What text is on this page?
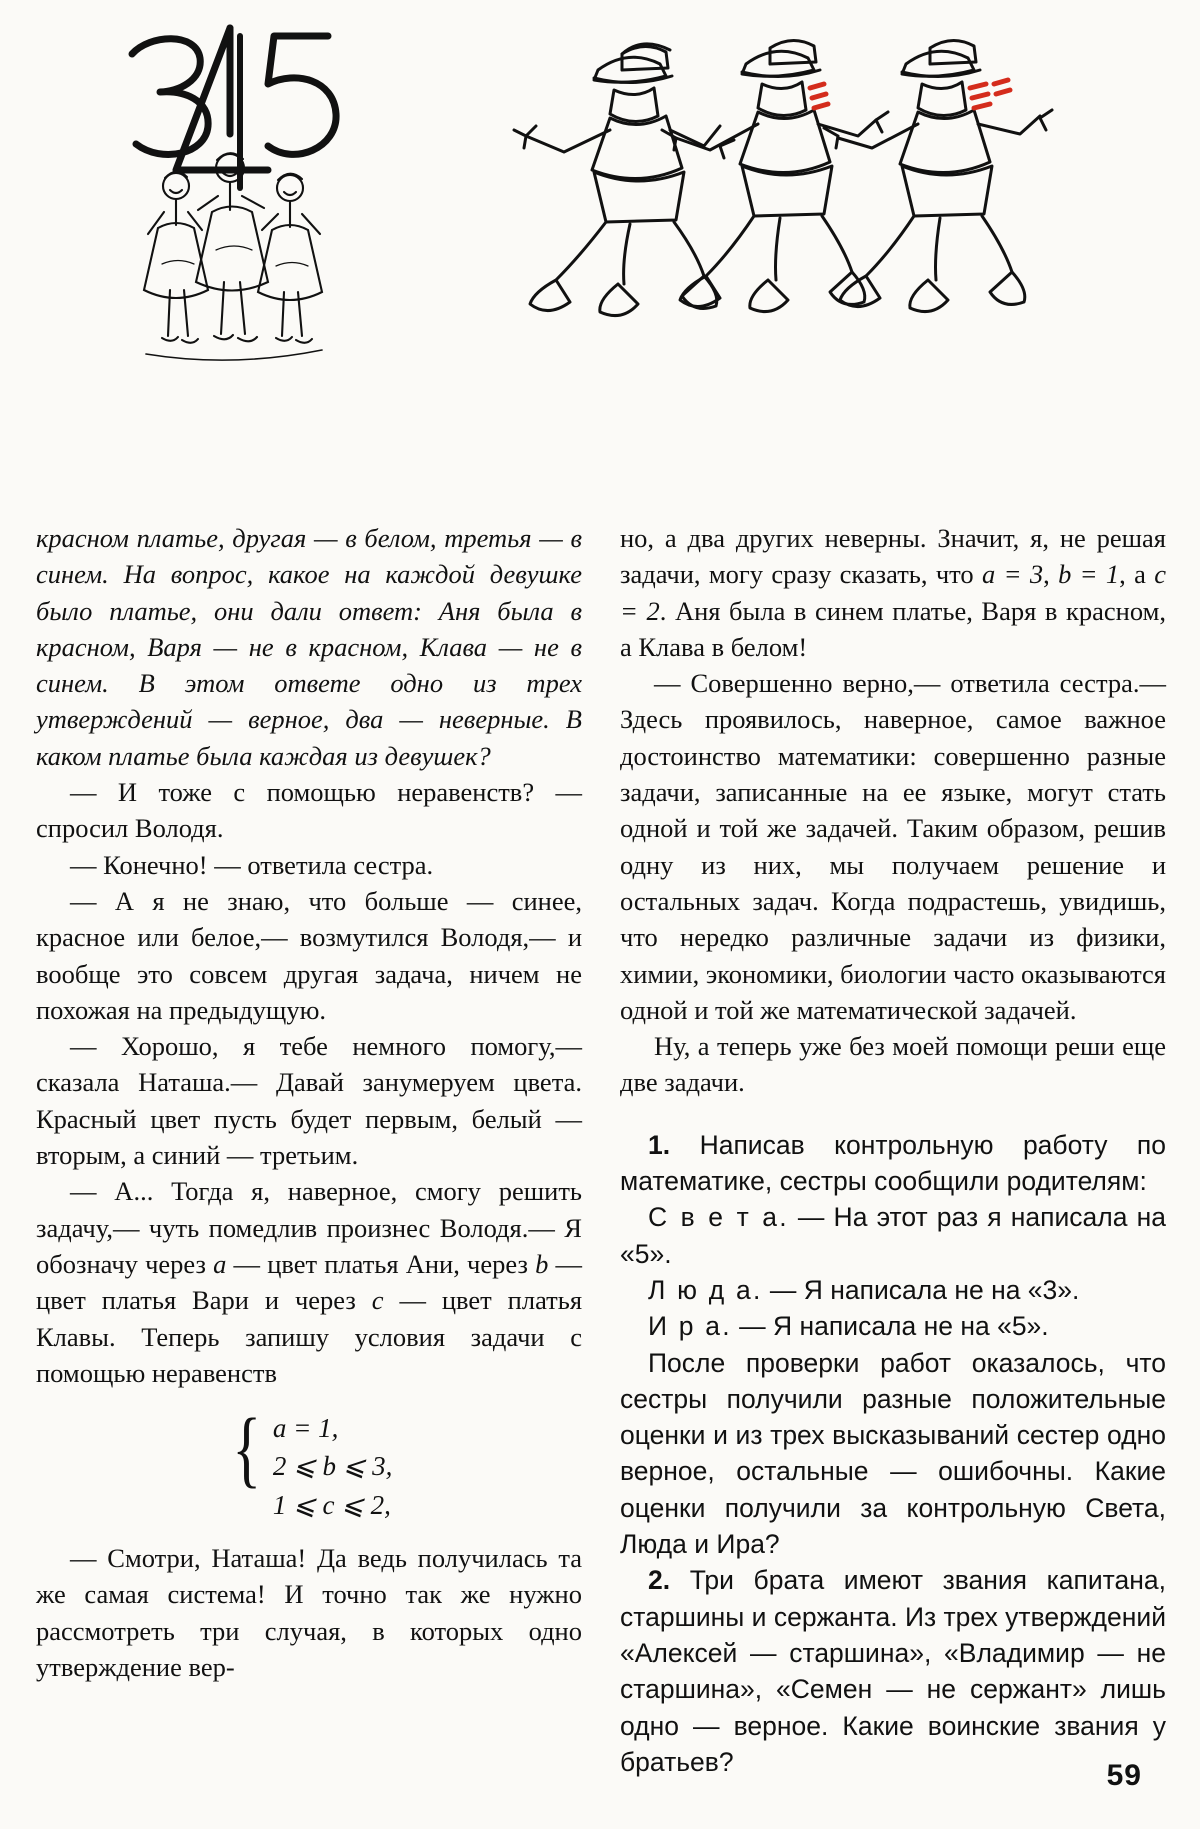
красном платье, другая — в белом, третья — в синем. На вопрос, какое на каждой девушке было платье, они дали ответ: Аня была в красном, Варя — не в красном, Клава — не в синем. В этом ответе одно из трех утверждений — верное, два — неверные. В каком платье была каждая из девушек?

— И тоже с помощью неравенств? — спросил Володя.

— Конечно! — ответила сестра.

— А я не знаю, что больше — синее, красное или белое,— возмутился Володя,— и вообще это совсем другая задача, ничем не похожая на предыдущую.

— Хорошо, я тебе немного помогу,— сказала Наташа.— Давай занумеруем цвета. Красный цвет пусть будет первым, белый — вторым, а синий — третьим.

— А... Тогда я, наверное, смогу решить задачу,— чуть помедлив произнес Володя.— Я обозначу через a — цвет платья Ани, через b — цвет платья Вари и через c — цвет платья Клавы. Теперь запишу условия задачи с помощью неравенств

{ a = 1,
2 ⩽ b ⩽ 3,
1 ⩽ c ⩽ 2,

— Смотри, Наташа! Да ведь получилась та же самая система! И точно так же нужно рассмотреть три случая, в которых одно утверждение вер-

но, а два других неверны. Значит, я, не решая задачи, могу сразу сказать, что a = 3, b = 1, а c = 2. Аня была в синем платье, Варя в красном, а Клава в белом!

— Совершенно верно,— ответила сестра.— Здесь проявилось, наверное, самое важное достоинство математики: совершенно разные задачи, записанные на ее языке, могут стать одной и той же задачей. Таким образом, решив одну из них, мы получаем решение и остальных задач. Когда подрастешь, увидишь, что нередко различные задачи из физики, химии, экономики, биологии часто оказываются одной и той же математической задачей.

Ну, а теперь уже без моей помощи реши еще две задачи.

1. Написав контрольную работу по математике, сестры сообщили родителям:

С в е т а. — На этот раз я написала на «5».

Л ю д а. — Я написала не на «3».

И р а. — Я написала не на «5».

После проверки работ оказалось, что сестры получили разные положительные оценки и из трех высказываний сестер одно верное, остальные — ошибочны. Какие оценки получили за контрольную Света, Люда и Ира?

2. Три брата имеют звания капитана, старшины и сержанта. Из трех утверждений «Алексей — старшина», «Владимир — не старшина», «Семен — не сержант» лишь одно — верное. Какие воинские звания у братьев?	59
